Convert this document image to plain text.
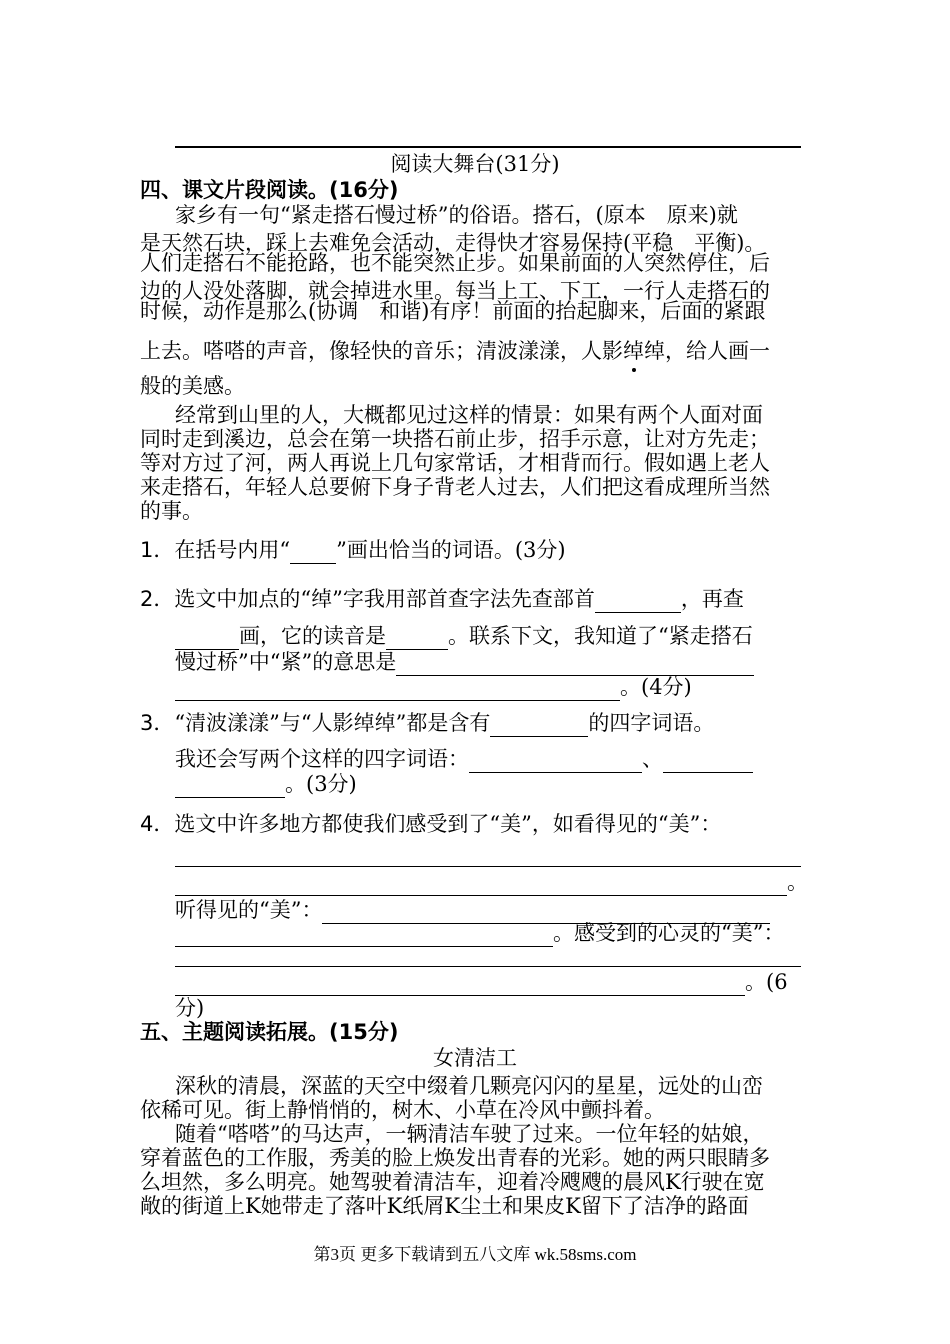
阅读大舞台(31分)
四、课文片段阅读。(16分)
家乡有一句“紧走搭石慢过桥”的俗语。搭石，(原本　原来)就
是天然石块，踩上去难免会活动，走得快才容易保持(平稳　平衡)。
人们走搭石不能抢路，也不能突然止步。如果前面的人突然停住，后
边的人没处落脚，就会掉进水里。每当上工、下工，一行人走搭石的
时候，动作是那么(协调　和谐)有序！前面的抬起脚来，后面的紧跟
上去。嗒嗒的声音，像轻快的音乐；清波漾漾，人影绰绰，给人画一
般的美感。
经常到山里的人，大概都见过这样的情景：如果有两个人面对面
同时走到溪边，总会在第一块搭石前止步，招手示意，让对方先走；
等对方过了河，两人再说上几句家常话，才相背而行。假如遇上老人
来走搭石，年轻人总要俯下身子背老人过去，人们把这看成理所当然
的事。
1．在括号内用“ ”画出恰当的词语。(3分)
2．选文中加点的“绰”字我用部首查字法先查部首	，再查
画，它的读音是	。联系下文，我知道了“紧走搭石
慢过桥”中“紧”的意思是
。(4分)
3．“清波漾漾”与“人影绰绰”都是含有	的四字词语。
我还会写两个这样的四字词语：	、
。(3分)
4．选文中许多地方都使我们感受到了“美”，如看得见的“美”：
。
听得见的“美”：
。感受到的心灵的“美”：
。(6
分)
五、主题阅读拓展。(15分)
女清洁工
深秋的清晨，深蓝的天空中缀着几颗亮闪闪的星星，远处的山峦
依稀可见。街上静悄悄的，树木、小草在冷风中颤抖着。
随着“嗒嗒”的马达声，一辆清洁车驶了过来。一位年轻的姑娘，
穿着蓝色的工作服，秀美的脸上焕发出青春的光彩。她的两只眼睛多
么坦然，多么明亮。她驾驶着清洁车，迎着冷飕飕的晨风K行驶在宽
敞的街道上K她带走了落叶K纸屑K尘土和果皮K留下了洁净的路面
第3页 更多下载请到五八文库 wk.58sms.com
